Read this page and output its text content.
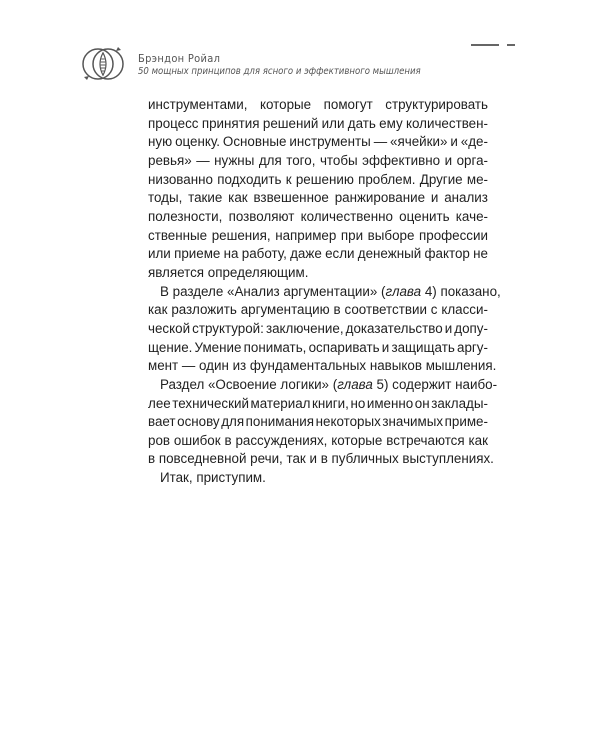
Брэндон Ройал
50 мощных принципов для ясного и эффективного мышления
инструментами, которые помогут структурировать
процесс принятия решений или дать ему количествен-
ную оценку. Основные инструменты — «ячейки» и «де-
ревья» — нужны для того, чтобы эффективно и орга-
низованно подходить к решению проблем. Другие ме-
тоды, такие как взвешенное ранжирование и анализ
полезности, позволяют количественно оценить каче-
ственные решения, например при выборе профессии
или приеме на работу, даже если денежный фактор не
является определяющим.
В разделе «Анализ аргументации» (глава 4) показано,
как разложить аргументацию в соответствии с класси-
ческой структурой: заключение, доказательство и допу-
щение. Умение понимать, оспаривать и защищать аргу-
мент — один из фундаментальных навыков мышления.
Раздел «Освоение логики» (глава 5) содержит наибо-
лее технический материал книги, но именно он заклады-
вает основу для понимания некоторых значимых приме-
ров ошибок в рассуждениях, которые встречаются как
в повседневной речи, так и в публичных выступлениях.
Итак, приступим.
